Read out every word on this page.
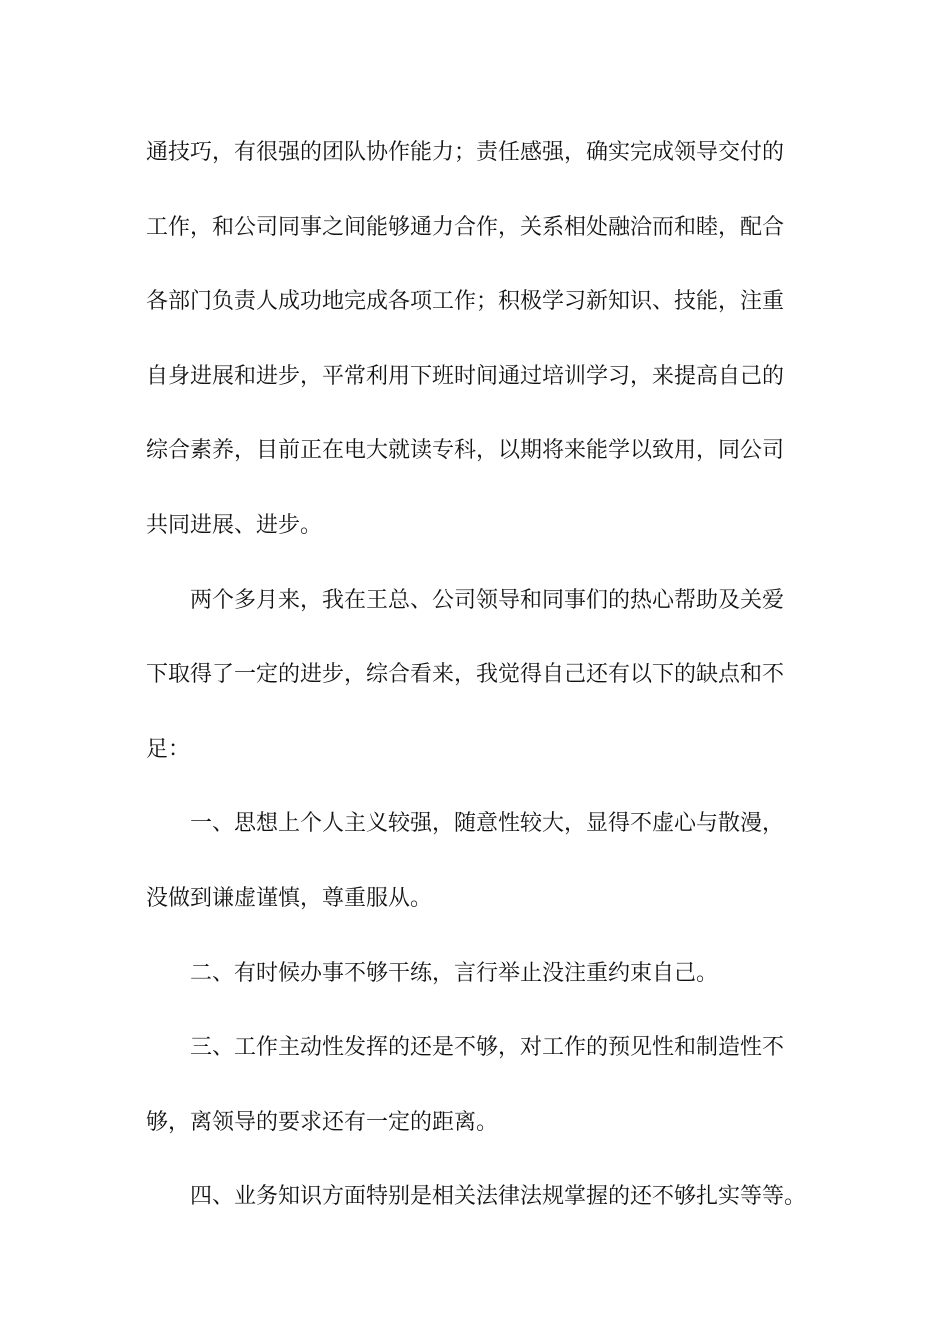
通技巧，有很强的团队协作能力；责任感强，确实完成领导交付的
工作，和公司同事之间能够通力合作，关系相处融洽而和睦，配合
各部门负责人成功地完成各项工作；积极学习新知识、技能，注重
自身进展和进步，平常利用下班时间通过培训学习，来提高自己的
综合素养，目前正在电大就读专科，以期将来能学以致用，同公司
共同进展、进步。
两个多月来，我在王总、公司领导和同事们的热心帮助及关爱
下取得了一定的进步，综合看来，我觉得自己还有以下的缺点和不
足：
一、思想上个人主义较强，随意性较大，显得不虚心与散漫，
没做到谦虚谨慎，尊重服从。
二、有时候办事不够干练，言行举止没注重约束自己。
三、工作主动性发挥的还是不够，对工作的预见性和制造性不
够，离领导的要求还有一定的距离。
四、业务知识方面特别是相关法律法规掌握的还不够扎实等等。
